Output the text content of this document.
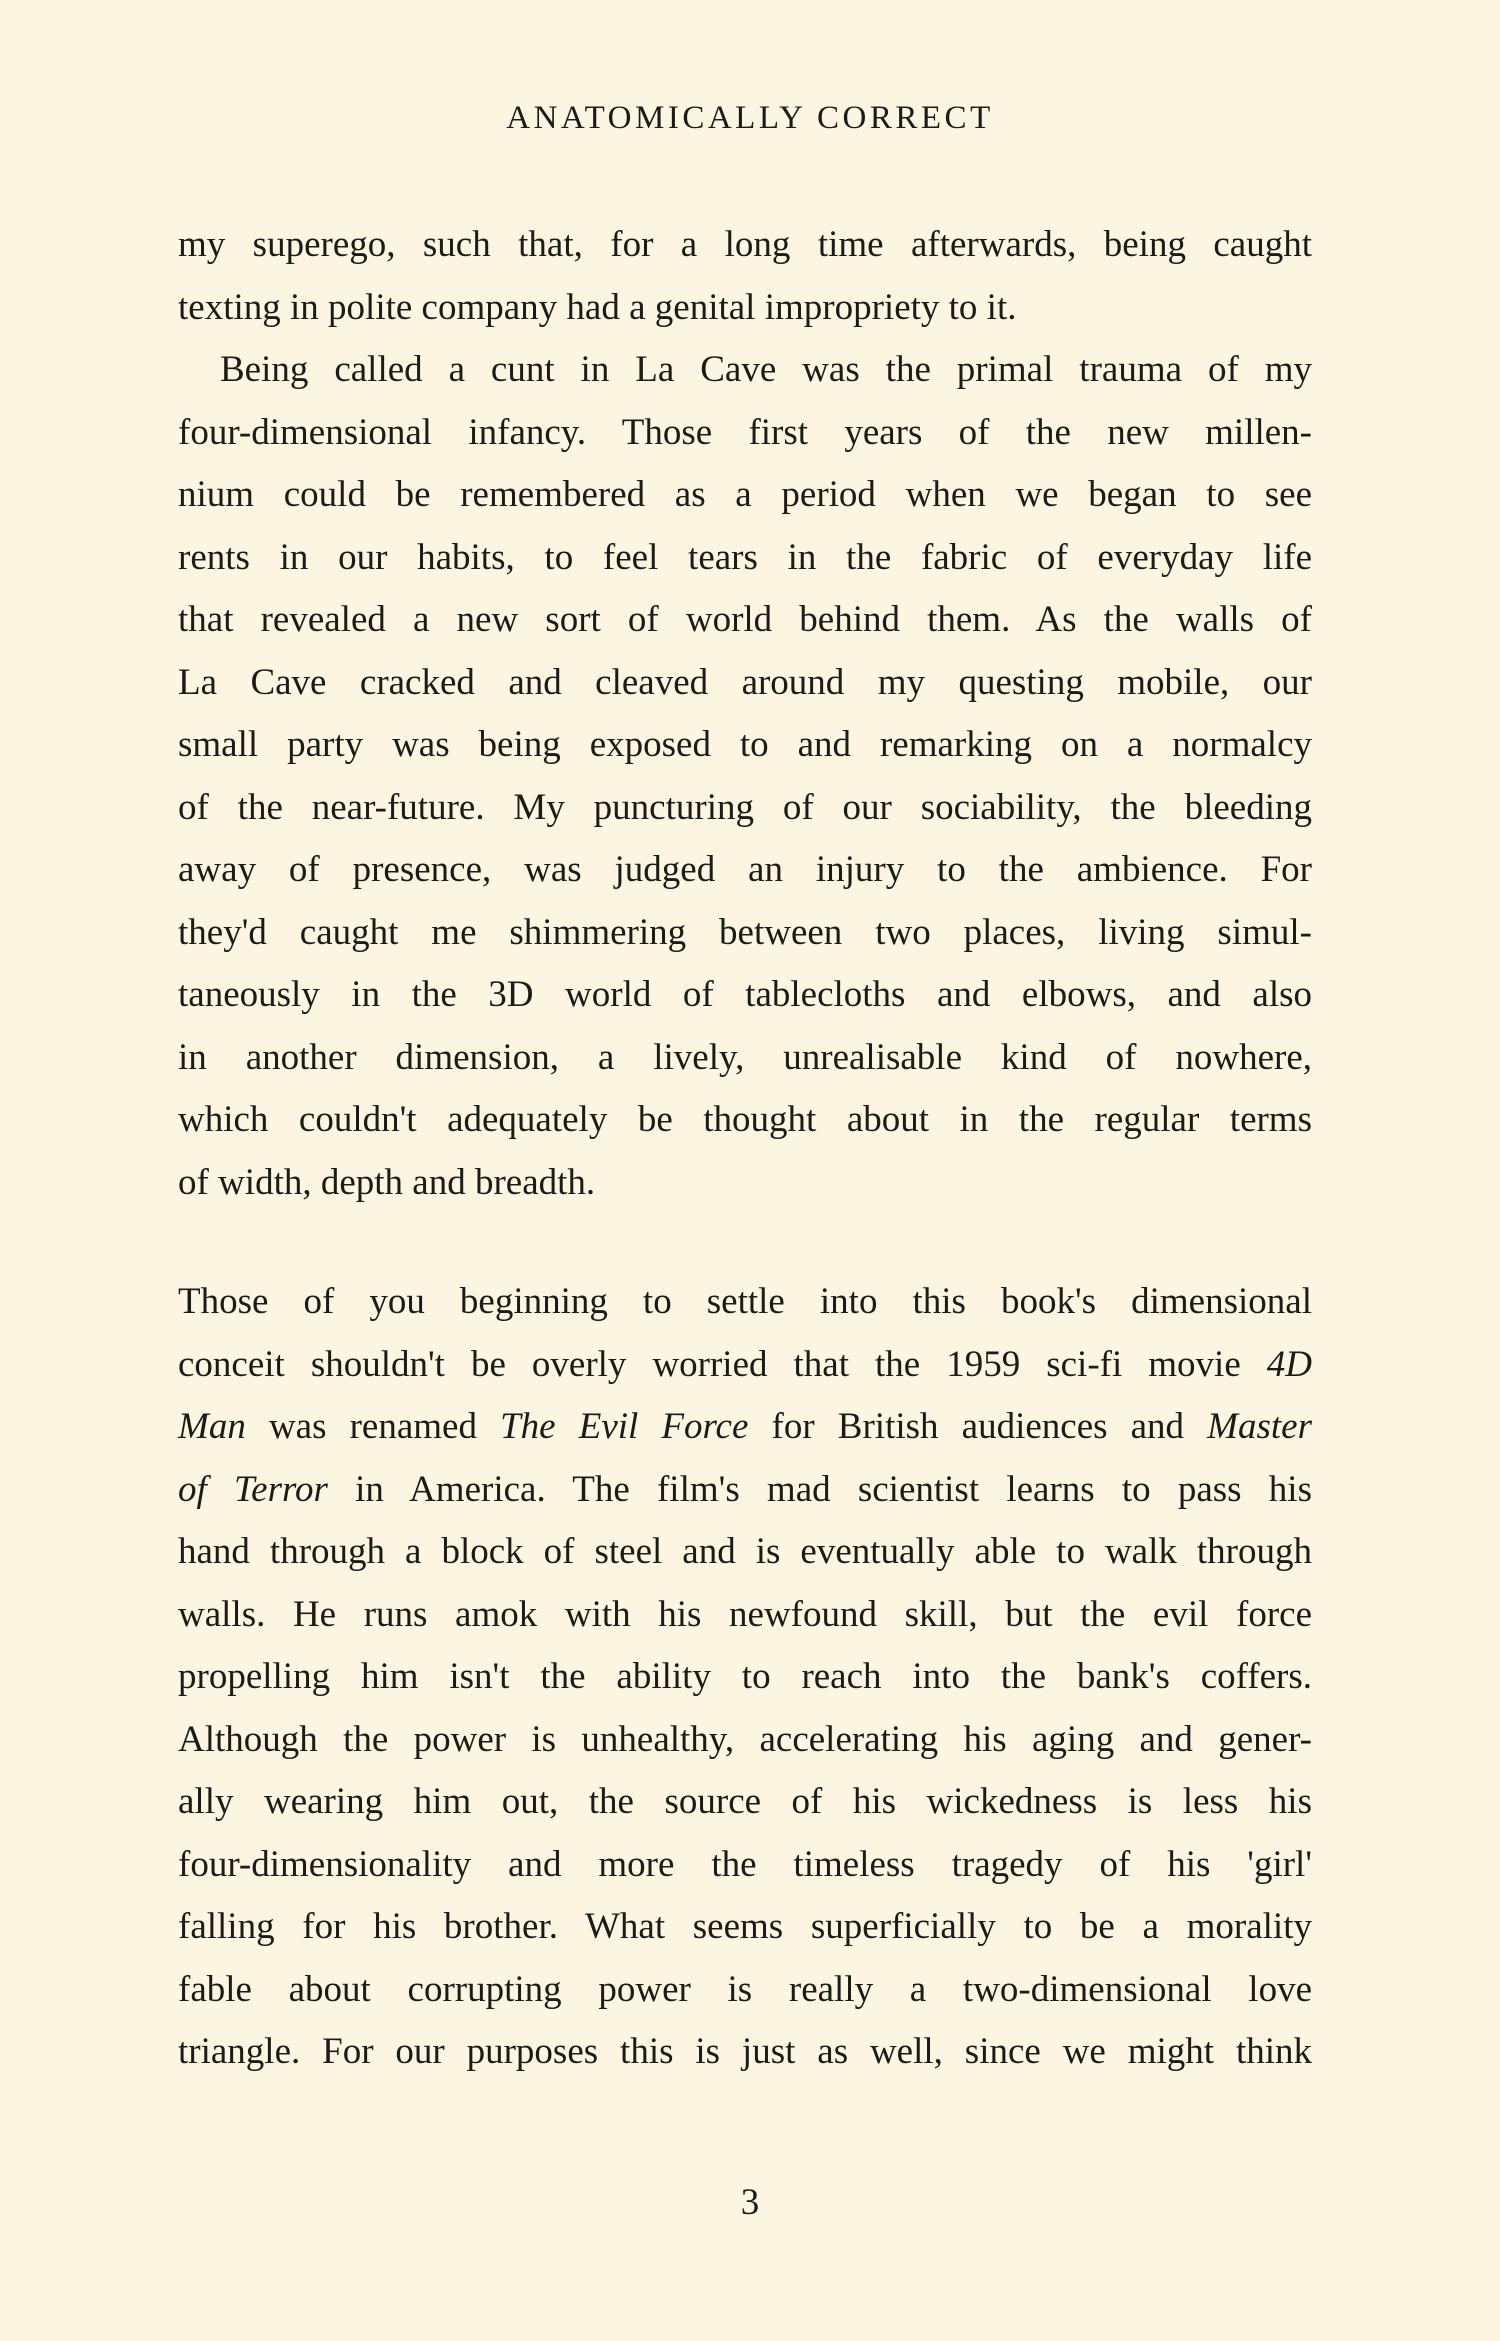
ANATOMICALLY CORRECT
my superego, such that, for a long time afterwards, being caught
texting in polite company had a genital impropriety to it.
Being called a cunt in La Cave was the primal trauma of my
four-dimensional infancy. Those first years of the new millen-
nium could be remembered as a period when we began to see
rents in our habits, to feel tears in the fabric of everyday life
that revealed a new sort of world behind them. As the walls of
La Cave cracked and cleaved around my questing mobile, our
small party was being exposed to and remarking on a normalcy
of the near-future. My puncturing of our sociability, the bleeding
away of presence, was judged an injury to the ambience. For
they'd caught me shimmering between two places, living simul-
taneously in the 3D world of tablecloths and elbows, and also
in another dimension, a lively, unrealisable kind of nowhere,
which couldn't adequately be thought about in the regular terms
of width, depth and breadth.
Those of you beginning to settle into this book's dimensional
conceit shouldn't be overly worried that the 1959 sci-fi movie 4D
Man was renamed The Evil Force for British audiences and Master
of Terror in America. The film's mad scientist learns to pass his
hand through a block of steel and is eventually able to walk through
walls. He runs amok with his newfound skill, but the evil force
propelling him isn't the ability to reach into the bank's coffers.
Although the power is unhealthy, accelerating his aging and gener-
ally wearing him out, the source of his wickedness is less his
four-dimensionality and more the timeless tragedy of his 'girl'
falling for his brother. What seems superficially to be a morality
fable about corrupting power is really a two-dimensional love
triangle. For our purposes this is just as well, since we might think
3
